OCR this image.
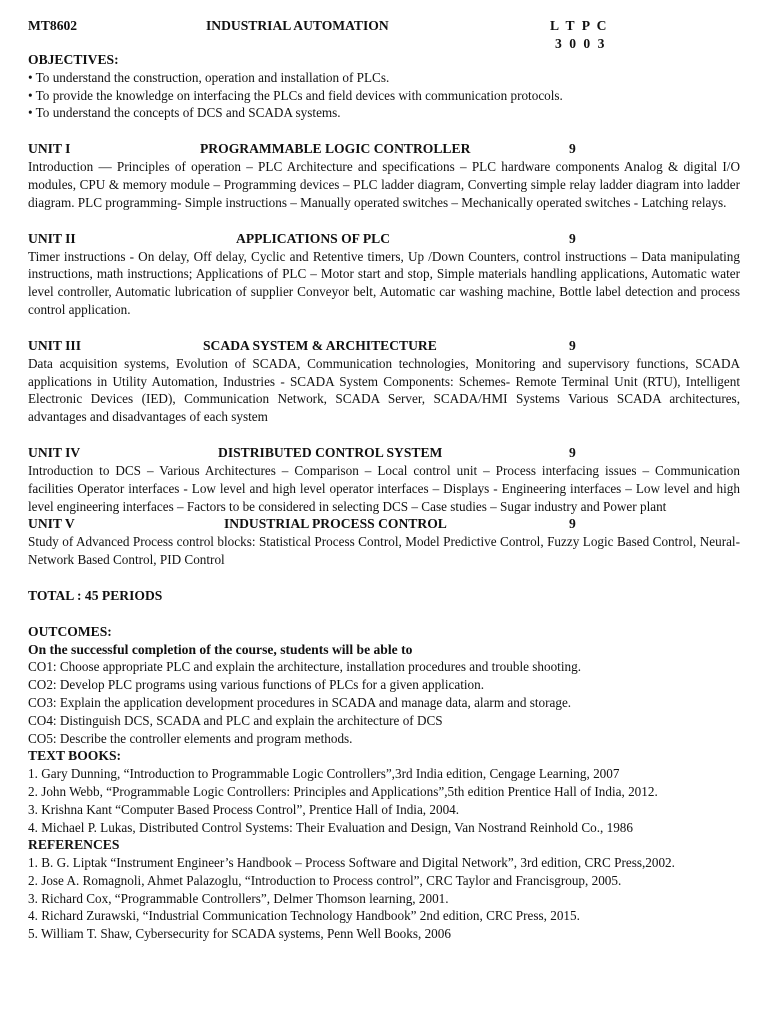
MT8602	INDUSTRIAL AUTOMATION	L T P C
3 0 0 3
OBJECTIVES:
• To understand the construction, operation and installation of PLCs.
• To provide the knowledge on interfacing the PLCs and field devices with communication protocols.
• To understand the concepts of DCS and SCADA systems.
UNIT I	PROGRAMMABLE LOGIC CONTROLLER	9
Introduction — Principles of operation – PLC Architecture and specifications – PLC hardware components Analog & digital I/O modules, CPU & memory module – Programming devices – PLC ladder diagram, Converting simple relay ladder diagram into ladder diagram. PLC programming- Simple instructions – Manually operated switches – Mechanically operated switches - Latching relays.
UNIT II	APPLICATIONS OF PLC	9
Timer instructions - On delay, Off delay, Cyclic and Retentive timers, Up /Down Counters, control instructions – Data manipulating instructions, math instructions; Applications of PLC – Motor start and stop, Simple materials handling applications, Automatic water level controller, Automatic lubrication of supplier Conveyor belt, Automatic car washing machine, Bottle label detection and process control application.
UNIT III	SCADA SYSTEM & ARCHITECTURE	9
Data acquisition systems, Evolution of SCADA, Communication technologies, Monitoring and supervisory functions, SCADA applications in Utility Automation, Industries - SCADA System Components: Schemes- Remote Terminal Unit (RTU), Intelligent Electronic Devices (IED), Communication Network, SCADA Server, SCADA/HMI Systems Various SCADA architectures, advantages and disadvantages of each system
UNIT IV	DISTRIBUTED CONTROL SYSTEM	9
Introduction to DCS – Various Architectures – Comparison – Local control unit – Process interfacing issues – Communication facilities Operator interfaces - Low level and high level operator interfaces – Displays - Engineering interfaces – Low level and high level engineering interfaces – Factors to be considered in selecting DCS – Case studies – Sugar industry and Power plant
UNIT V	INDUSTRIAL PROCESS CONTROL	9
Study of Advanced Process control blocks: Statistical Process Control, Model Predictive Control, Fuzzy Logic Based Control, Neural-Network Based Control, PID Control
TOTAL : 45 PERIODS
OUTCOMES:
On the successful completion of the course, students will be able to
CO1: Choose appropriate PLC and explain the architecture, installation procedures and trouble shooting.
CO2: Develop PLC programs using various functions of PLCs for a given application.
CO3: Explain the application development procedures in SCADA and manage data, alarm and storage.
CO4: Distinguish DCS, SCADA and PLC and explain the architecture of DCS
CO5: Describe the controller elements and program methods.
TEXT BOOKS:
1. Gary Dunning, “Introduction to Programmable Logic Controllers”,3rd India edition, Cengage Learning, 2007
2. John Webb, “Programmable Logic Controllers: Principles and Applications”,5th edition Prentice Hall of India, 2012.
3. Krishna Kant “Computer Based Process Control”, Prentice Hall of India, 2004.
4. Michael P. Lukas, Distributed Control Systems: Their Evaluation and Design, Van Nostrand Reinhold Co., 1986
REFERENCES
1. B. G. Liptak “Instrument Engineer’s Handbook – Process Software and Digital Network”, 3rd edition, CRC Press,2002.
2. Jose A. Romagnoli, Ahmet Palazoglu, “Introduction to Process control”, CRC Taylor and Francisgroup, 2005.
3. Richard Cox, “Programmable Controllers”, Delmer Thomson learning, 2001.
4. Richard Zurawski, “Industrial Communication Technology Handbook” 2nd edition, CRC Press, 2015.
5. William T. Shaw, Cybersecurity for SCADA systems, Penn Well Books, 2006
